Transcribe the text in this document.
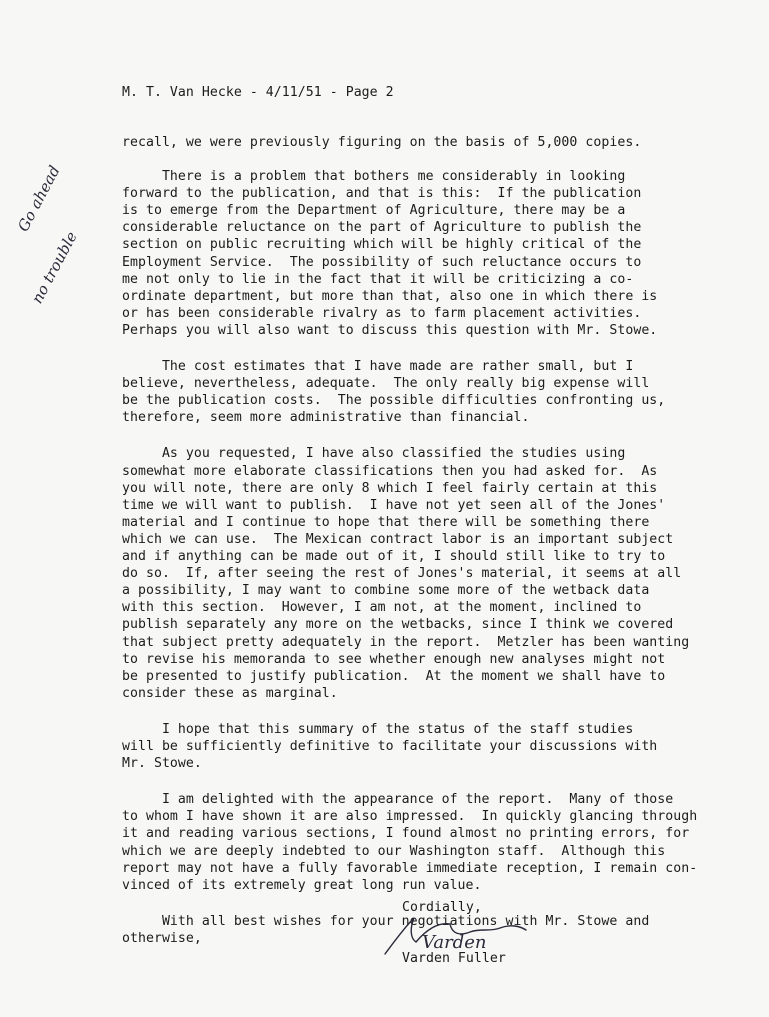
M. T. Van Hecke - 4/11/51 - Page 2
recall, we were previously figuring on the basis of 5,000 copies.
There is a problem that bothers me considerably in looking
forward to the publication, and that is this:  If the publication
is to emerge from the Department of Agriculture, there may be a
considerable reluctance on the part of Agriculture to publish the
section on public recruiting which will be highly critical of the
Employment Service.  The possibility of such reluctance occurs to
me not only to lie in the fact that it will be criticizing a co-
ordinate department, but more than that, also one in which there is
or has been considerable rivalry as to farm placement activities.
Perhaps you will also want to discuss this question with Mr. Stowe.
The cost estimates that I have made are rather small, but I
believe, nevertheless, adequate.  The only really big expense will
be the publication costs.  The possible difficulties confronting us,
therefore, seem more administrative than financial.
As you requested, I have also classified the studies using
somewhat more elaborate classifications then you had asked for.  As
you will note, there are only 8 which I feel fairly certain at this
time we will want to publish.  I have not yet seen all of the Jones'
material and I continue to hope that there will be something there
which we can use.  The Mexican contract labor is an important subject
and if anything can be made out of it, I should still like to try to
do so.  If, after seeing the rest of Jones's material, it seems at all
a possibility, I may want to combine some more of the wetback data
with this section.  However, I am not, at the moment, inclined to
publish separately any more on the wetbacks, since I think we covered
that subject pretty adequately in the report.  Metzler has been wanting
to revise his memoranda to see whether enough new analyses might not
be presented to justify publication.  At the moment we shall have to
consider these as marginal.
I hope that this summary of the status of the staff studies
will be sufficiently definitive to facilitate your discussions with
Mr. Stowe.
I am delighted with the appearance of the report.  Many of those
to whom I have shown it are also impressed.  In quickly glancing through
it and reading various sections, I found almost no printing errors, for
which we are deeply indebted to our Washington staff.  Although this
report may not have a fully favorable immediate reception, I remain con-
vinced of its extremely great long run value.
With all best wishes for your negotiations with Mr. Stowe and
otherwise,
Go ahead
no trouble
Cordially,
Varden
Varden Fuller
